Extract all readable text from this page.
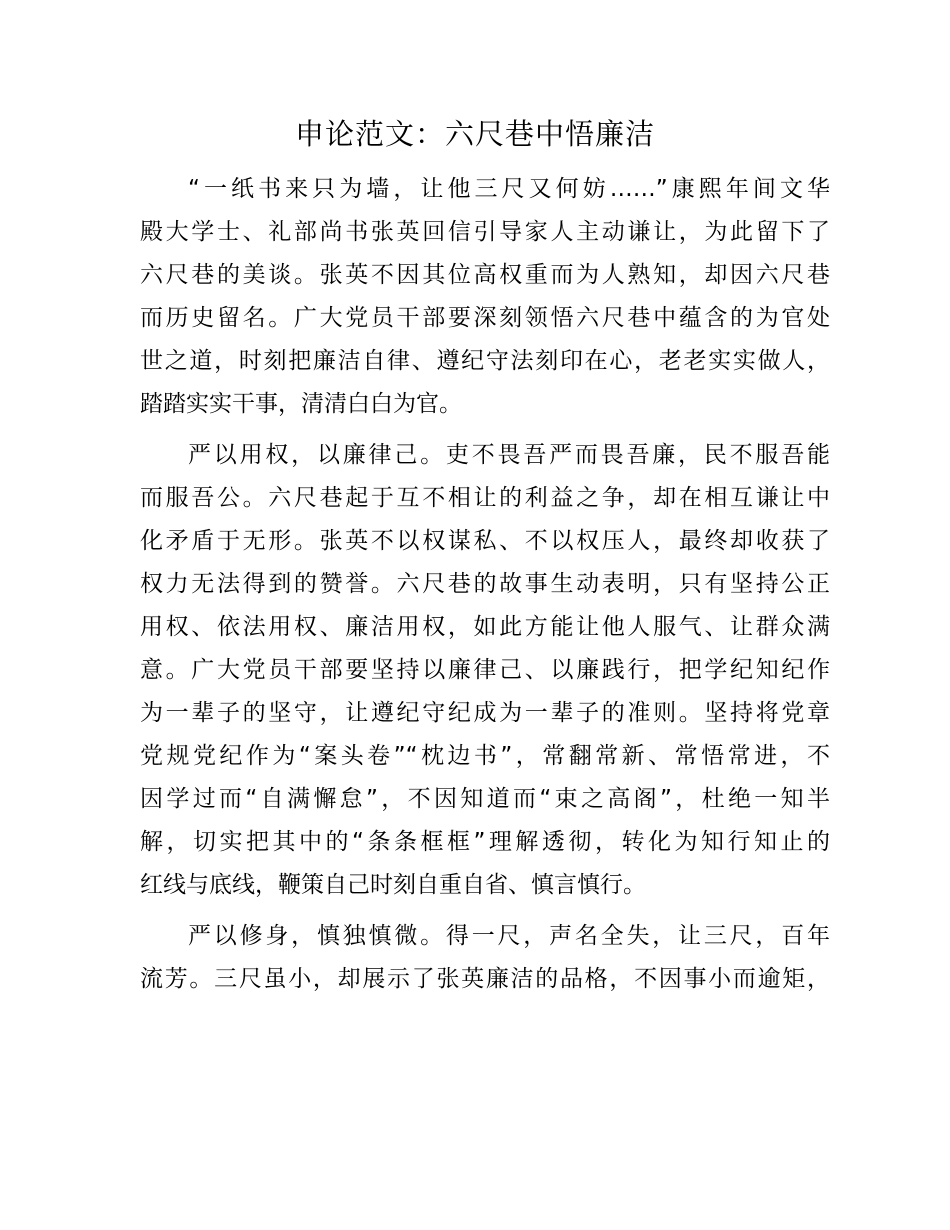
申论范文：六尺巷中悟廉洁

“一纸书来只为墙，让他三尺又何妨……”康熙年间文华
殿大学士、礼部尚书张英回信引导家人主动谦让，为此留下了
六尺巷的美谈。张英不因其位高权重而为人熟知，却因六尺巷
而历史留名。广大党员干部要深刻领悟六尺巷中蕴含的为官处
世之道，时刻把廉洁自律、遵纪守法刻印在心，老老实实做人，
踏踏实实干事，清清白白为官。

严以用权，以廉律己。吏不畏吾严而畏吾廉，民不服吾能
而服吾公。六尺巷起于互不相让的利益之争，却在相互谦让中
化矛盾于无形。张英不以权谋私、不以权压人，最终却收获了
权力无法得到的赞誉。六尺巷的故事生动表明，只有坚持公正
用权、依法用权、廉洁用权，如此方能让他人服气、让群众满
意。广大党员干部要坚持以廉律己、以廉践行，把学纪知纪作
为一辈子的坚守，让遵纪守纪成为一辈子的准则。坚持将党章
党规党纪作为“案头卷”“枕边书”，常翻常新、常悟常进，不
因学过而“自满懈怠”，不因知道而“束之高阁”，杜绝一知半
解，切实把其中的“条条框框”理解透彻，转化为知行知止的
红线与底线，鞭策自己时刻自重自省、慎言慎行。

严以修身，慎独慎微。得一尺，声名全失，让三尺，百年
流芳。三尺虽小，却展示了张英廉洁的品格，不因事小而逾矩，
